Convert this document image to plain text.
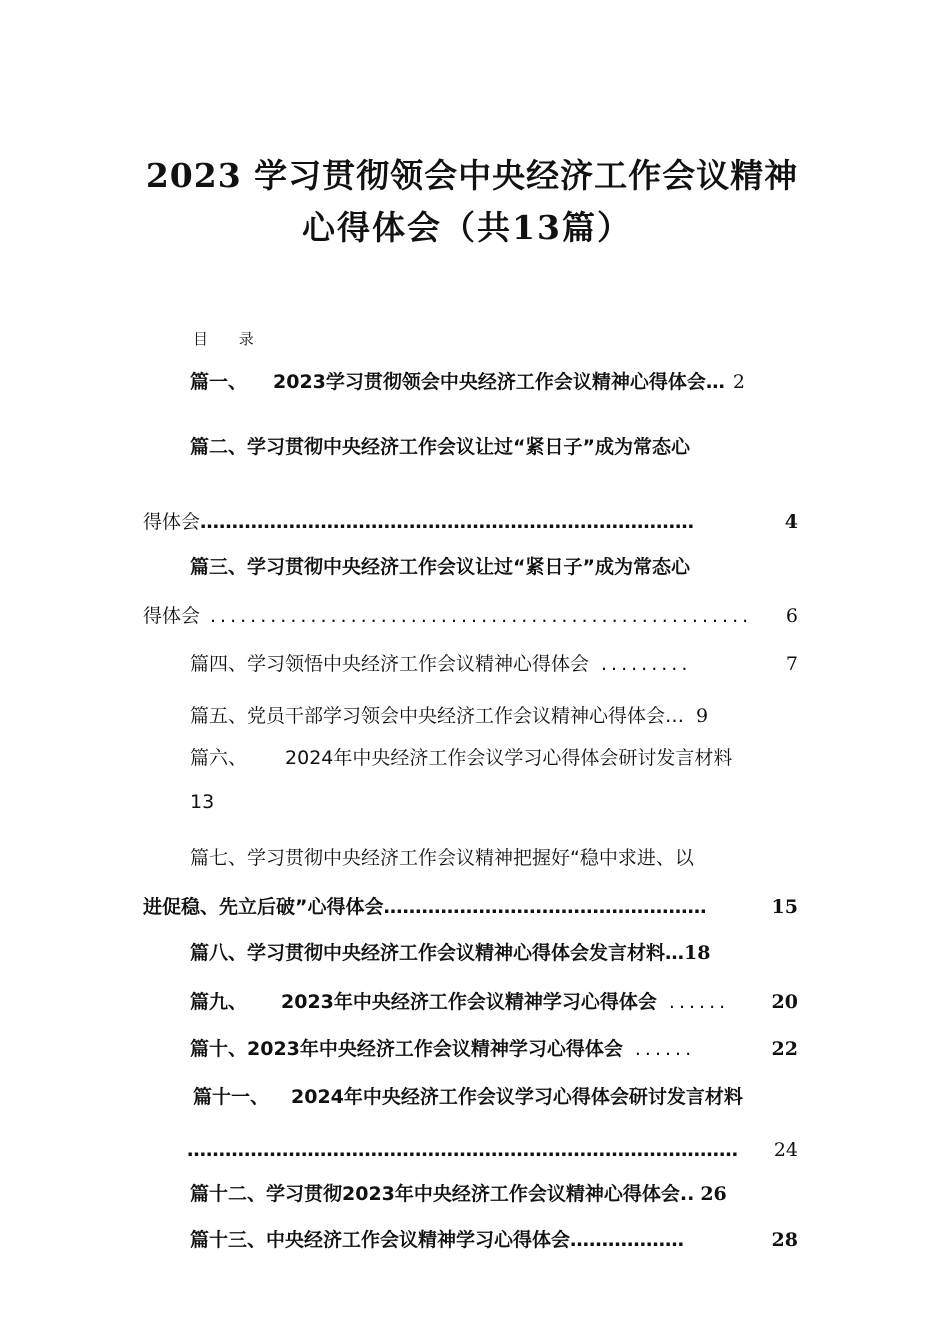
2023 学习贯彻领会中央经济工作会议精神
心得体会（共13篇）
目 录
篇一、 2023学习贯彻领会中央经济工作会议精神心得体会 … 2
篇二、学习贯彻中央经济工作会议让过“紧日子”成为常态心
得体会 ……………………………………………………………………	4
篇三、学习贯彻中央经济工作会议让过“紧日子”成为常态心
得体会 ......................................................	6
篇四、学习领悟中央经济工作会议精神心得体会 .........	7
篇五、党员干部学习领会中央经济工作会议精神心得体会 … 9
篇六、 2024年中央经济工作会议学习心得体会研讨发言材料
13
篇七、学习贯彻中央经济工作会议精神把握好“稳中求进、以
进促稳、先立后破”心得体会 ……………………………………………	15
篇八、学习贯彻中央经济工作会议精神心得体会发言材料 … 18
篇九、 2023年中央经济工作会议精神学习心得体会 ......	20
篇十、2023年中央经济工作会议精神学习心得体会 ......	22
篇十一、 2024年中央经济工作会议学习心得体会研讨发言材料
……………………………………………………………………………	24
篇十二、学习贯彻2023年中央经济工作会议精神心得体会 .. 26
篇十三、中央经济工作会议精神学习心得体会 ………………	28
